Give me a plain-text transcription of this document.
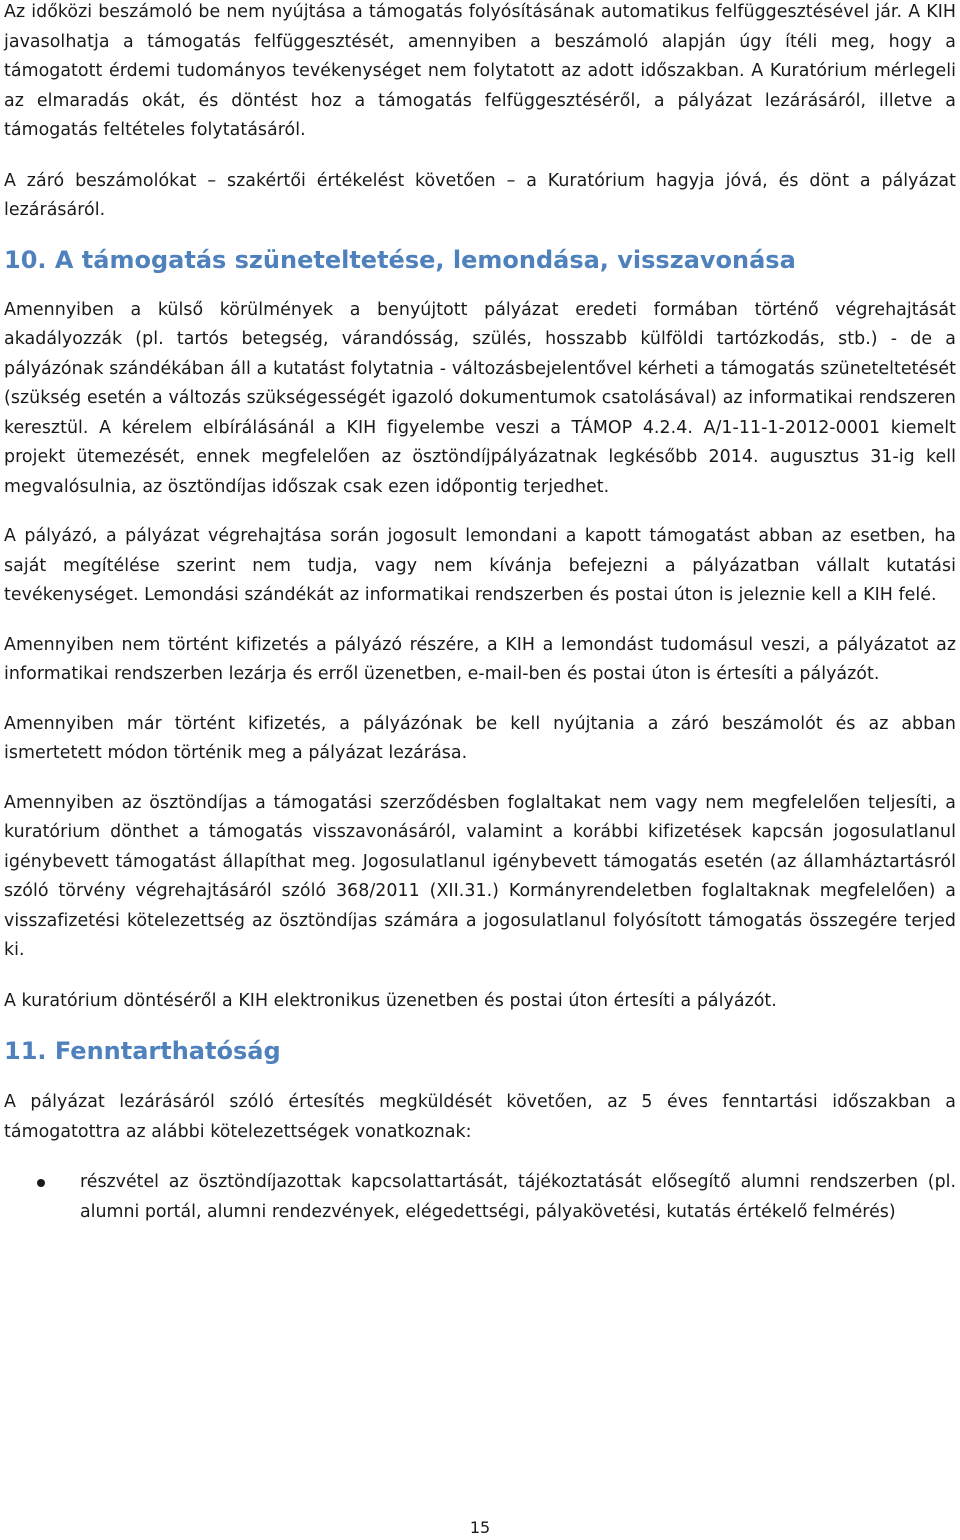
Az időközi beszámoló be nem nyújtása a támogatás folyósításának automatikus felfüggesztésével jár. A KIH javasolhatja a támogatás felfüggesztését, amennyiben a beszámoló alapján úgy ítéli meg, hogy a támogatott érdemi tudományos tevékenységet nem folytatott az adott időszakban. A Kuratórium mérlegeli az elmaradás okát, és döntést hoz a támogatás felfüggesztéséről, a pályázat lezárásáról, illetve a támogatás feltételes folytatásáról.

A záró beszámolókat – szakértői értékelést követően – a Kuratórium hagyja jóvá, és dönt a pályázat lezárásáról.

10. A támogatás szüneteltetése, lemondása, visszavonása

Amennyiben a külső körülmények a benyújtott pályázat eredeti formában történő végrehajtását akadályozzák (pl. tartós betegség, várandósság, szülés, hosszabb külföldi tartózkodás, stb.) - de a pályázónak szándékában áll a kutatást folytatnia - változásbejelentővel kérheti a támogatás szüneteltetését (szükség esetén a változás szükségességét igazoló dokumentumok csatolásával) az informatikai rendszeren keresztül. A kérelem elbírálásánál a KIH figyelembe veszi a TÁMOP 4.2.4. A/1-11-1-2012-0001 kiemelt projekt ütemezését, ennek megfelelően az ösztöndíjpályázatnak legkésőbb 2014. augusztus 31-ig kell megvalósulnia, az ösztöndíjas időszak csak ezen időpontig terjedhet.

A pályázó, a pályázat végrehajtása során jogosult lemondani a kapott támogatást abban az esetben, ha saját megítélése szerint nem tudja, vagy nem kívánja befejezni a pályázatban vállalt kutatási tevékenységet. Lemondási szándékát az informatikai rendszerben és postai úton is jeleznie kell a KIH felé.

Amennyiben nem történt kifizetés a pályázó részére, a KIH a lemondást tudomásul veszi, a pályázatot az informatikai rendszerben lezárja és erről üzenetben, e-mail-ben és postai úton is értesíti a pályázót.

Amennyiben már történt kifizetés, a pályázónak be kell nyújtania a záró beszámolót és az abban ismertetett módon történik meg a pályázat lezárása.

Amennyiben az ösztöndíjas a támogatási szerződésben foglaltakat nem vagy nem megfelelően teljesíti, a kuratórium dönthet a támogatás visszavonásáról, valamint a korábbi kifizetések kapcsán jogosulatlanul igénybevett támogatást állapíthat meg. Jogosulatlanul igénybevett támogatás esetén (az államháztartásról szóló törvény végrehajtásáról szóló 368/2011 (XII.31.) Kormányrendeletben foglaltaknak megfelelően) a visszafizetési kötelezettség az ösztöndíjas számára a jogosulatlanul folyósított támogatás összegére terjed ki.

A kuratórium döntéséről a KIH elektronikus üzenetben és postai úton értesíti a pályázót.

11. Fenntarthatóság

A pályázat lezárásáról szóló értesítés megküldését követően, az 5 éves fenntartási időszakban a támogatottra az alábbi kötelezettségek vonatkoznak:

részvétel az ösztöndíjazottak kapcsolattartását, tájékoztatását elősegítő alumni rendszerben (pl. alumni portál, alumni rendezvények, elégedettségi, pályakövetési, kutatás értékelő felmérés)
15
